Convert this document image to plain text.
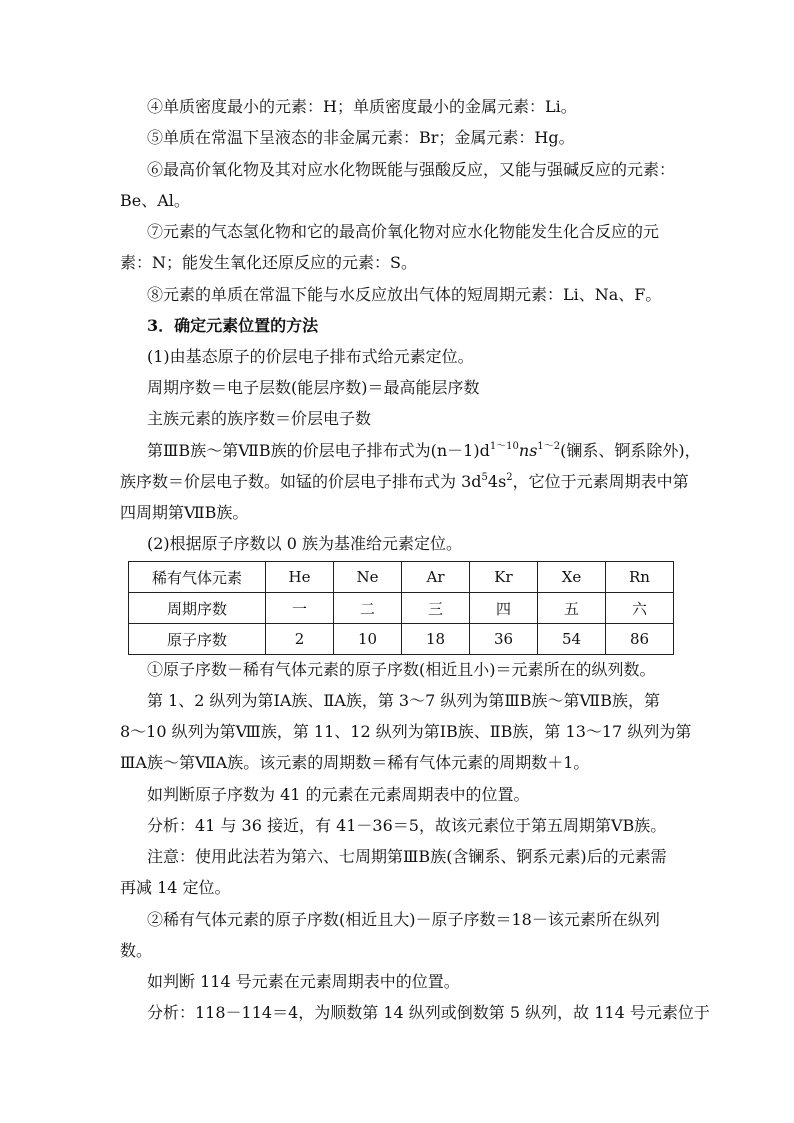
④单质密度最小的元素：H；单质密度最小的金属元素：Li。
⑤单质在常温下呈液态的非金属元素：Br；金属元素：Hg。
⑥最高价氧化物及其对应水化物既能与强酸反应，又能与强碱反应的元素：
Be、Al。
⑦元素的气态氢化物和它的最高价氧化物对应水化物能发生化合反应的元
素：N；能发生氧化还原反应的元素：S。
⑧元素的单质在常温下能与水反应放出气体的短周期元素：Li、Na、F。
3．确定元素位置的方法
(1)由基态原子的价层电子排布式给元素定位。
周期序数＝电子层数(能层序数)＝最高能层序数
主族元素的族序数＝价层电子数
第ⅢB族～第ⅦB族的价层电子排布式为$(n-1)d^{1\sim 10}ns^{1\sim 2}$(镧系、锕系除外)，
族序数＝价层电子数。如锰的价层电子排布式为 $3d^54s^2$，它位于元素周期表中第
四周期第ⅦB族。
(2)根据原子序数以 0 族为基准给元素定位。
稀有气体元素	He	Ne	Ar	Kr	Xe	Rn
周期序数	一	二	三	四	五	六
原子序数	2	10	18	36	54	86
①原子序数－稀有气体元素的原子序数(相近且小)＝元素所在的纵列数。
第 1、2 纵列为第ⅠA族、ⅡA族，第 3～7 纵列为第ⅢB族～第ⅦB族，第
8～10 纵列为第Ⅷ族，第 11、12 纵列为第ⅠB族、ⅡB族，第 13～17 纵列为第
ⅢA族～第ⅦA族。该元素的周期数＝稀有气体元素的周期数＋1。
如判断原子序数为 41 的元素在元素周期表中的位置。
分析：41 与 36 接近，有 41－36＝5，故该元素位于第五周期第ⅤB族。
注意：使用此法若为第六、七周期第ⅢB族(含镧系、锕系元素)后的元素需
再减 14 定位。
②稀有气体元素的原子序数(相近且大)－原子序数＝18－该元素所在纵列
数。
如判断 114 号元素在元素周期表中的位置。
分析：118－114＝4，为顺数第 14 纵列或倒数第 5 纵列，故 114 号元素位于
